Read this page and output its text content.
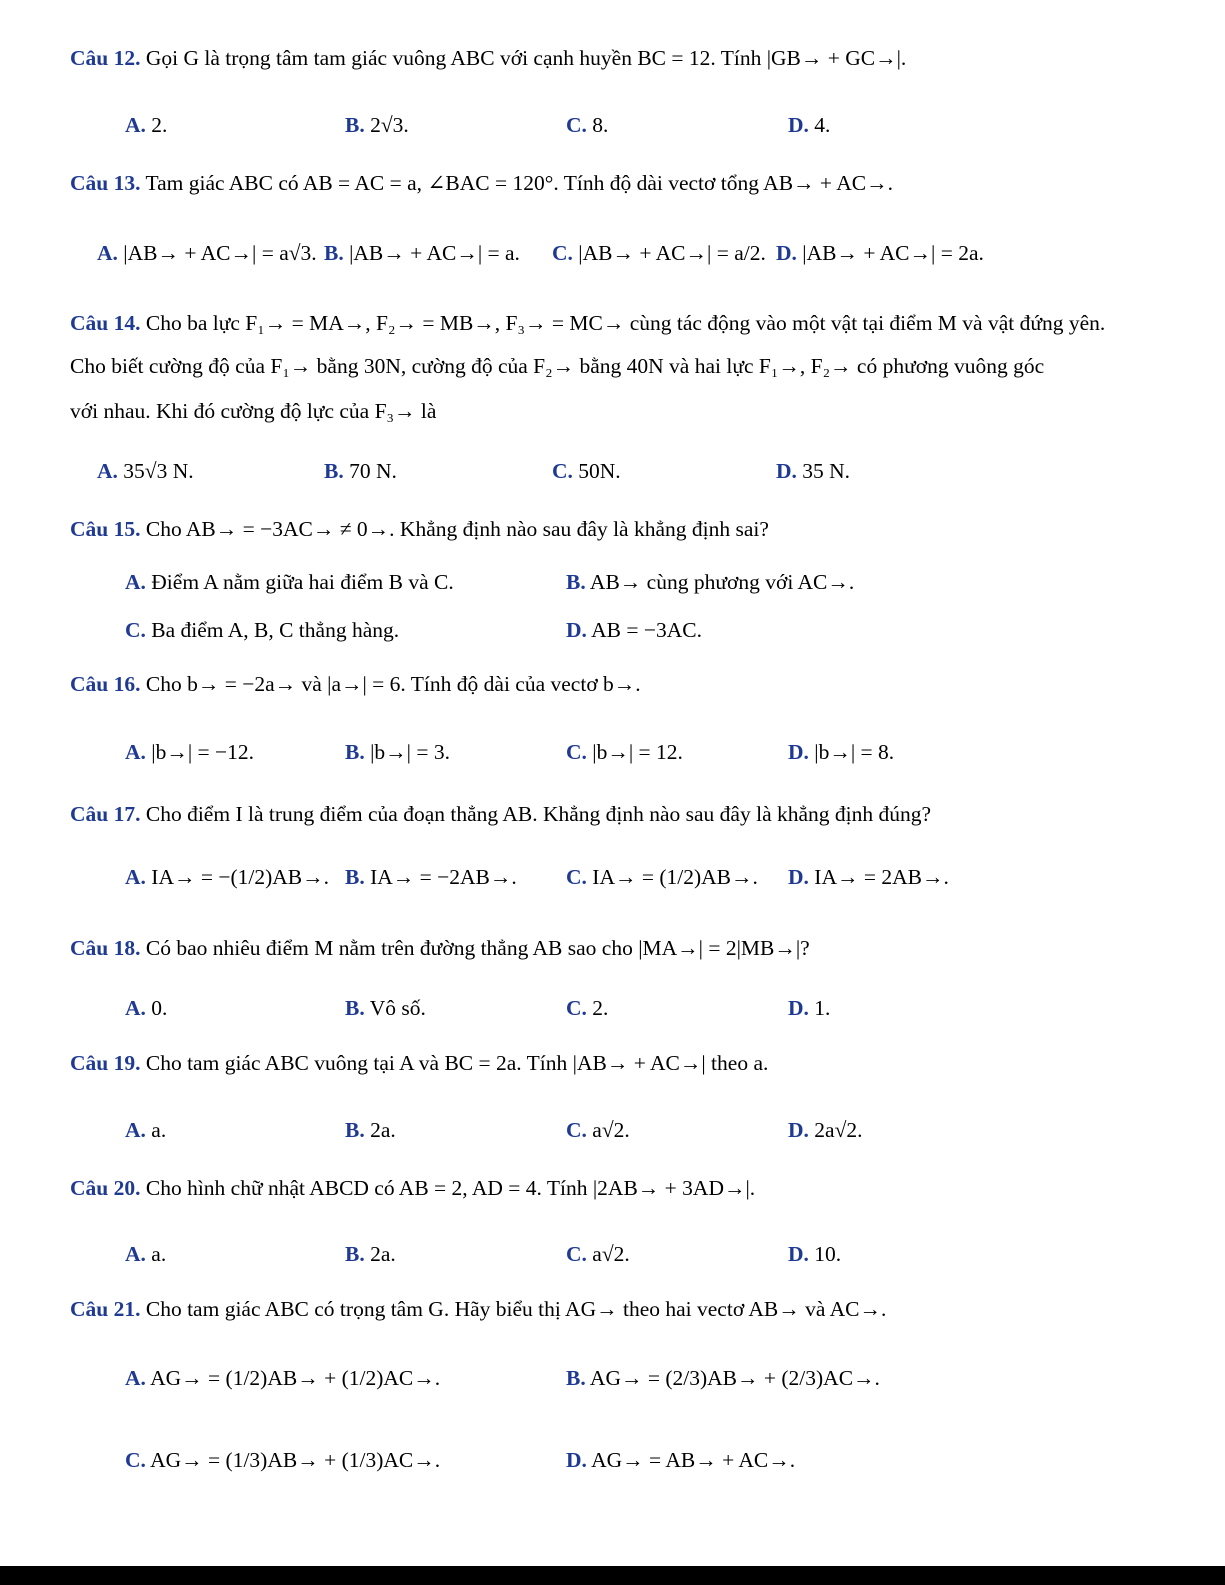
Câu 12. Gọi G là trọng tâm tam giác vuông ABC với cạnh huyền BC = 12. Tính |GB→ + GC→|.
A. 2.	B. 2√3.	C. 8.	D. 4.
Câu 13. Tam giác ABC có AB = AC = a, ∠BAC = 120°. Tính độ dài vectơ tổng AB→ + AC→.
A. |AB→ + AC→| = a√3. B. |AB→ + AC→| = a. C. |AB→ + AC→| = a/2. D. |AB→ + AC→| = 2a.
Câu 14. Cho ba lực F₁→ = MA→, F₂→ = MB→, F₃→ = MC→ cùng tác động vào một vật tại điểm M và vật đứng yên.
Cho biết cường độ của F₁→ bằng 30N, cường độ của F₂→ bằng 40N và hai lực F₁→, F₂→ có phương vuông góc
với nhau. Khi đó cường độ lực của F₃→ là
A. 35√3 N.	B. 70 N.	C. 50N.	D. 35 N.
Câu 15. Cho AB→ = −3AC→ ≠ 0→. Khẳng định nào sau đây là khẳng định sai?
A. Điểm A nằm giữa hai điểm B và C.	B. AB→ cùng phương với AC→.
C. Ba điểm A, B, C thẳng hàng.	D. AB = −3AC.
Câu 16. Cho b→ = −2a→ và |a→| = 6. Tính độ dài của vectơ b→.
A. |b→| = −12.	B. |b→| = 3.	C. |b→| = 12.	D. |b→| = 8.
Câu 17. Cho điểm I là trung điểm của đoạn thẳng AB. Khẳng định nào sau đây là khẳng định đúng?
A. IA→ = −(1/2)AB→. B. IA→ = −2AB→. C. IA→ = (1/2)AB→. D. IA→ = 2AB→.
Câu 18. Có bao nhiêu điểm M nằm trên đường thẳng AB sao cho |MA→| = 2|MB→|?
A. 0.	B. Vô số.	C. 2.	D. 1.
Câu 19. Cho tam giác ABC vuông tại A và BC = 2a. Tính |AB→ + AC→| theo a.
A. a.	B. 2a.	C. a√2.	D. 2a√2.
Câu 20. Cho hình chữ nhật ABCD có AB = 2, AD = 4. Tính |2AB→ + 3AD→|.
A. a.	B. 2a.	C. a√2.	D. 10.
Câu 21. Cho tam giác ABC có trọng tâm G. Hãy biểu thị AG→ theo hai vectơ AB→ và AC→.
A. AG→ = (1/2)AB→ + (1/2)AC→.	B. AG→ = (2/3)AB→ + (2/3)AC→.
C. AG→ = (1/3)AB→ + (1/3)AC→.	D. AG→ = AB→ + AC→.
